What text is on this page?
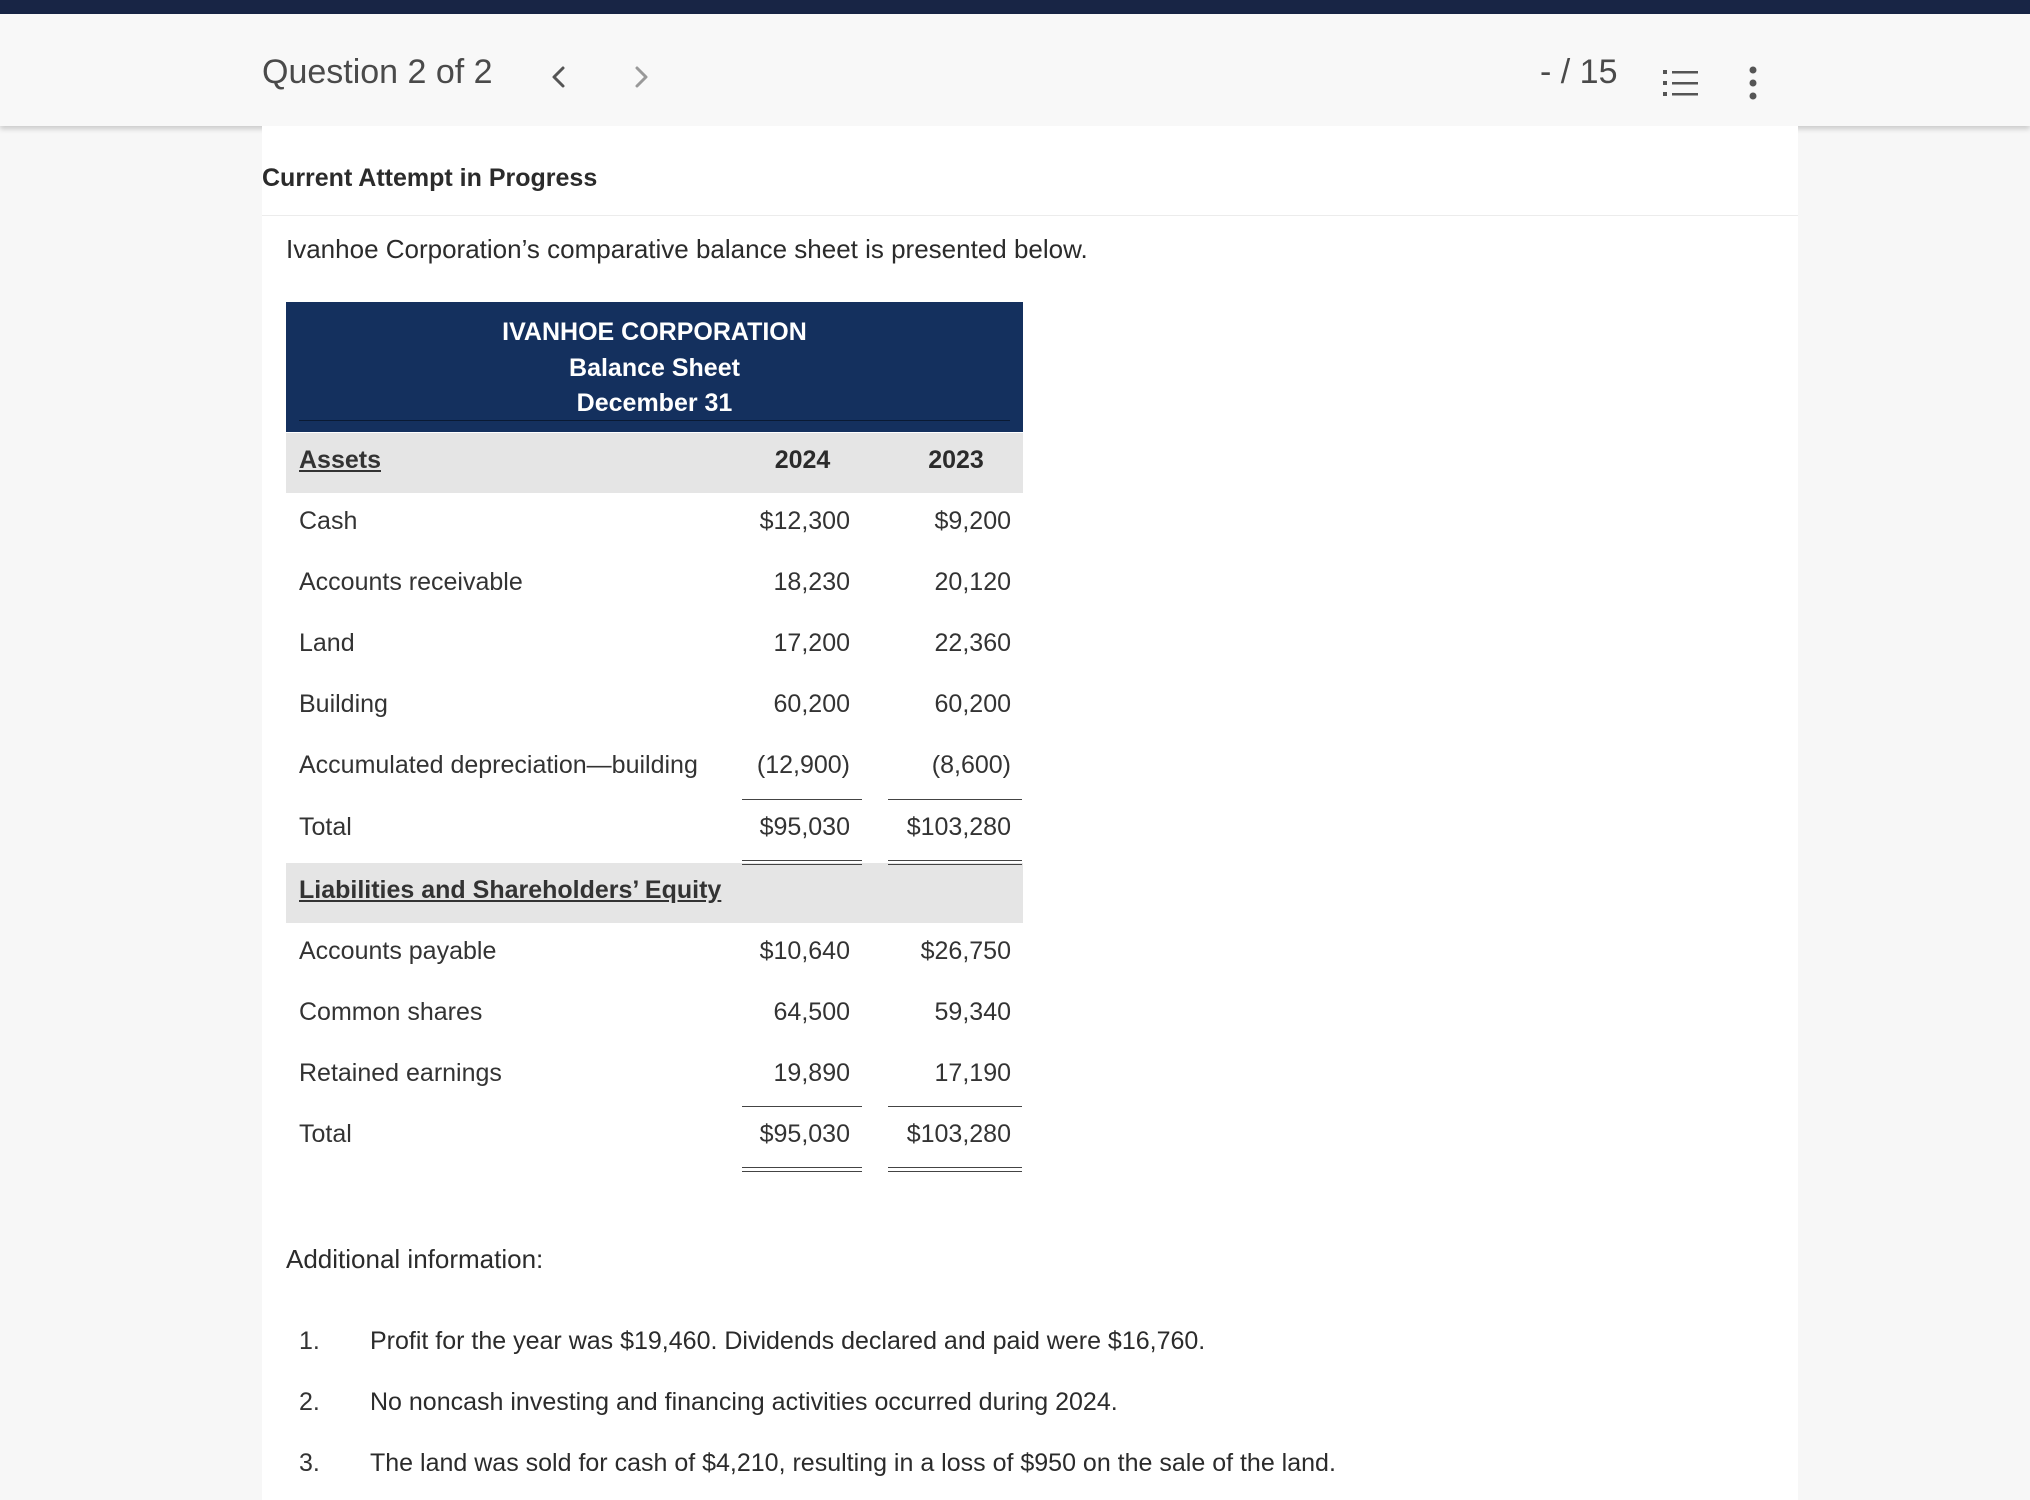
Question 2 of 2	- / 15
Current Attempt in Progress
Ivanhoe Corporation’s comparative balance sheet is presented below.
IVANHOE CORPORATION
Balance Sheet
December 31
Assets	2024	2023
Cash	$12,300	$9,200
Accounts receivable	18,230	20,120
Land	17,200	22,360
Building	60,200	60,200
Accumulated depreciation—building (12,900)	(8,600)
Total	$95,030 $103,280
Liabilities and Shareholders’ Equity
Accounts payable	$10,640	$26,750
Common shares	64,500	59,340
Retained earnings	19,890	17,190
Total	$95,030 $103,280
Additional information:
1. Profit for the year was $19,460. Dividends declared and paid were $16,760.
2. No noncash investing and financing activities occurred during 2024.
3. The land was sold for cash of $4,210, resulting in a loss of $950 on the sale of the land.
